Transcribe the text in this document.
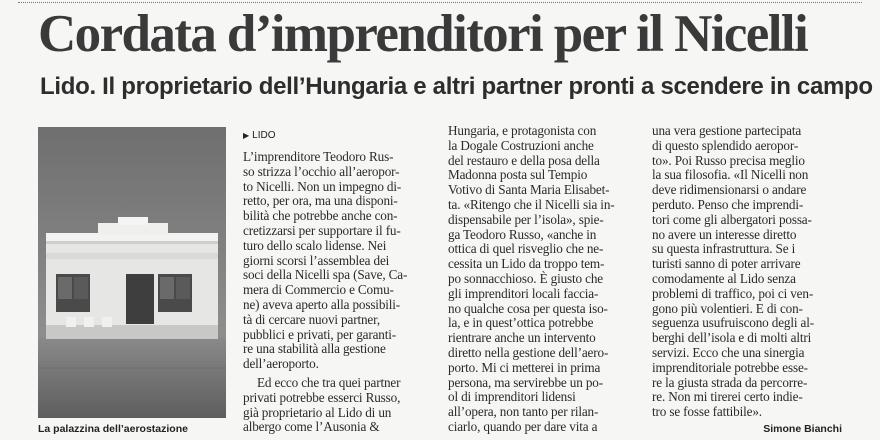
Cordata d’imprenditori per il Nicelli
Lido. Il proprietario dell’Hungaria e altri partner pronti a scendere in campo
La palazzina dell’aerostazione
▶ LIDO
L’imprenditore Teodoro Rus-
so strizza l’occhio all’aeropor-
to Nicelli. Non un impegno di-
retto, per ora, ma una disponi-
bilità che potrebbe anche con-
cretizzarsi per supportare il fu-
turo dello scalo lidense. Nei
giorni scorsi l’assemblea dei
soci della Nicelli spa (Save, Ca-
mera di Commercio e Comu-
ne) aveva aperto alla possibili-
tà di cercare nuovi partner,
pubblici e privati, per garanti-
re una stabilità alla gestione
dell’aeroporto.
Ed ecco che tra quei partner
privati potrebbe esserci Russo,
già proprietario al Lido di un
albergo come l’Ausonia &
Hungaria, e protagonista con
la Dogale Costruzioni anche
del restauro e della posa della
Madonna posta sul Tempio
Votivo di Santa Maria Elisabet-
ta. «Ritengo che il Nicelli sia in-
dispensabile per l’isola», spie-
ga Teodoro Russo, «anche in
ottica di quel risveglio che ne-
cessita un Lido da troppo tem-
po sonnacchioso. È giusto che
gli imprenditori locali faccia-
no qualche cosa per questa iso-
la, e in quest’ottica potrebbe
rientrare anche un intervento
diretto nella gestione dell’aero-
porto. Mi ci metterei in prima
persona, ma servirebbe un po-
ol di imprenditori lidensi
all’opera, non tanto per rilan-
ciarlo, quando per dare vita a
una vera gestione partecipata
di questo splendido aeropor-
to». Poi Russo precisa meglio
la sua filosofia. «Il Nicelli non
deve ridimensionarsi o andare
perduto. Penso che imprendi-
tori come gli albergatori possa-
no avere un interesse diretto
su questa infrastruttura. Se i
turisti sanno di poter arrivare
comodamente al Lido senza
problemi di traffico, poi ci ven-
gono più volentieri. E di con-
seguenza usufruiscono degli al-
berghi dell’isola e di molti altri
servizi. Ecco che una sinergia
imprenditoriale potrebbe esse-
re la giusta strada da percorre-
re. Non mi tirerei certo indie-
tro se fosse fattibile».
Simone Bianchi
